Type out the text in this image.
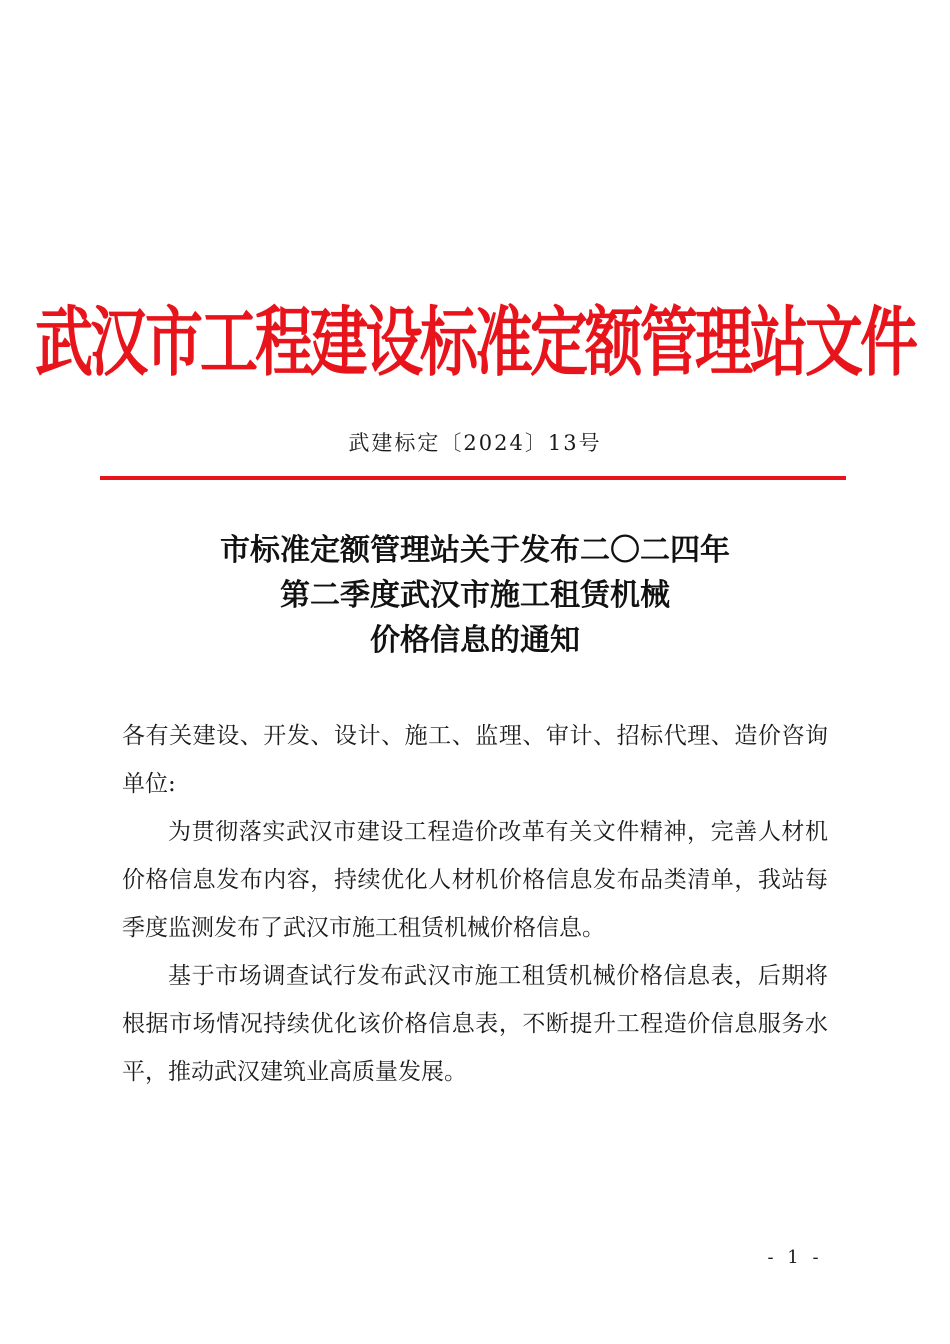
武汉市工程建设标准定额管理站文件
武建标定〔2024〕13号
市标准定额管理站关于发布二〇二四年
第二季度武汉市施工租赁机械
价格信息的通知

各有关建设、开发、设计、施工、监理、审计、招标代理、造价咨询单位:

为贯彻落实武汉市建设工程造价改革有关文件精神，完善人材机价格信息发布内容，持续优化人材机价格信息发布品类清单，我站每季度监测发布了武汉市施工租赁机械价格信息。

基于市场调查试行发布武汉市施工租赁机械价格信息表，后期将根据市场情况持续优化该价格信息表，不断提升工程造价信息服务水平，推动武汉建筑业高质量发展。

- 1 -
